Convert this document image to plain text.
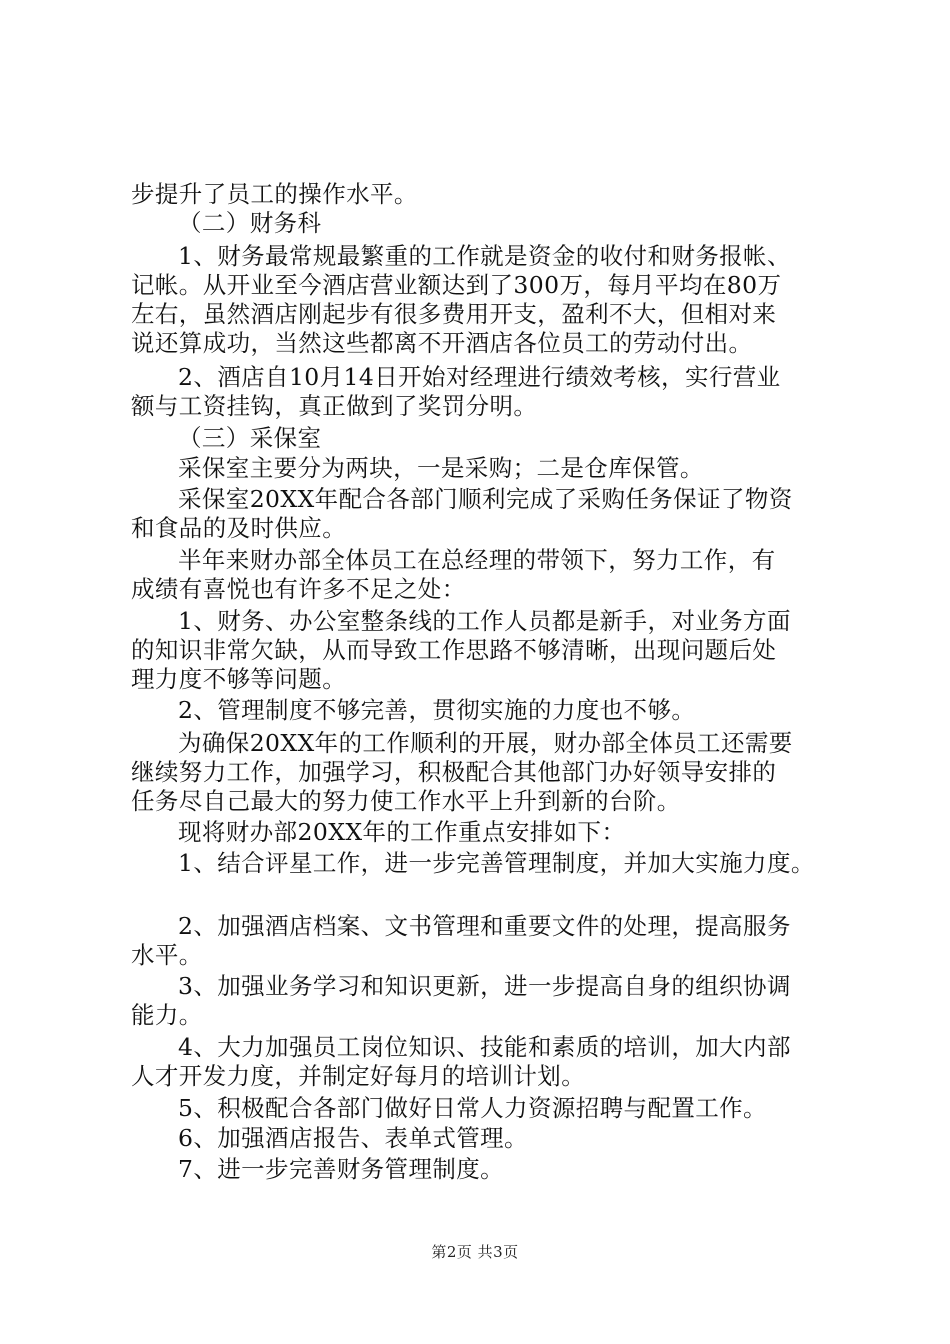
步提升了员工的操作水平。
（二）财务科
1、财务最常规最繁重的工作就是资金的收付和财务报帐、
记帐。从开业至今酒店营业额达到了300万，每月平均在80万
左右，虽然酒店刚起步有很多费用开支，盈利不大，但相对来
说还算成功，当然这些都离不开酒店各位员工的劳动付出。
2、酒店自10月14日开始对经理进行绩效考核，实行营业
额与工资挂钩，真正做到了奖罚分明。
（三）采保室
采保室主要分为两块，一是采购；二是仓库保管。
采保室20XX年配合各部门顺利完成了采购任务保证了物资
和食品的及时供应。
半年来财办部全体员工在总经理的带领下，努力工作，有
成绩有喜悦也有许多不足之处：
1、财务、办公室整条线的工作人员都是新手，对业务方面
的知识非常欠缺，从而导致工作思路不够清晰，出现问题后处
理力度不够等问题。
2、管理制度不够完善，贯彻实施的力度也不够。
为确保20XX年的工作顺利的开展，财办部全体员工还需要
继续努力工作，加强学习，积极配合其他部门办好领导安排的
任务尽自己最大的努力使工作水平上升到新的台阶。
现将财办部20XX年的工作重点安排如下：
1、结合评星工作，进一步完善管理制度，并加大实施力度。
2、加强酒店档案、文书管理和重要文件的处理，提高服务
水平。
3、加强业务学习和知识更新，进一步提高自身的组织协调
能力。
4、大力加强员工岗位知识、技能和素质的培训，加大内部
人才开发力度，并制定好每月的培训计划。
5、积极配合各部门做好日常人力资源招聘与配置工作。
6、加强酒店报告、表单式管理。
7、进一步完善财务管理制度。
第2页 共3页
